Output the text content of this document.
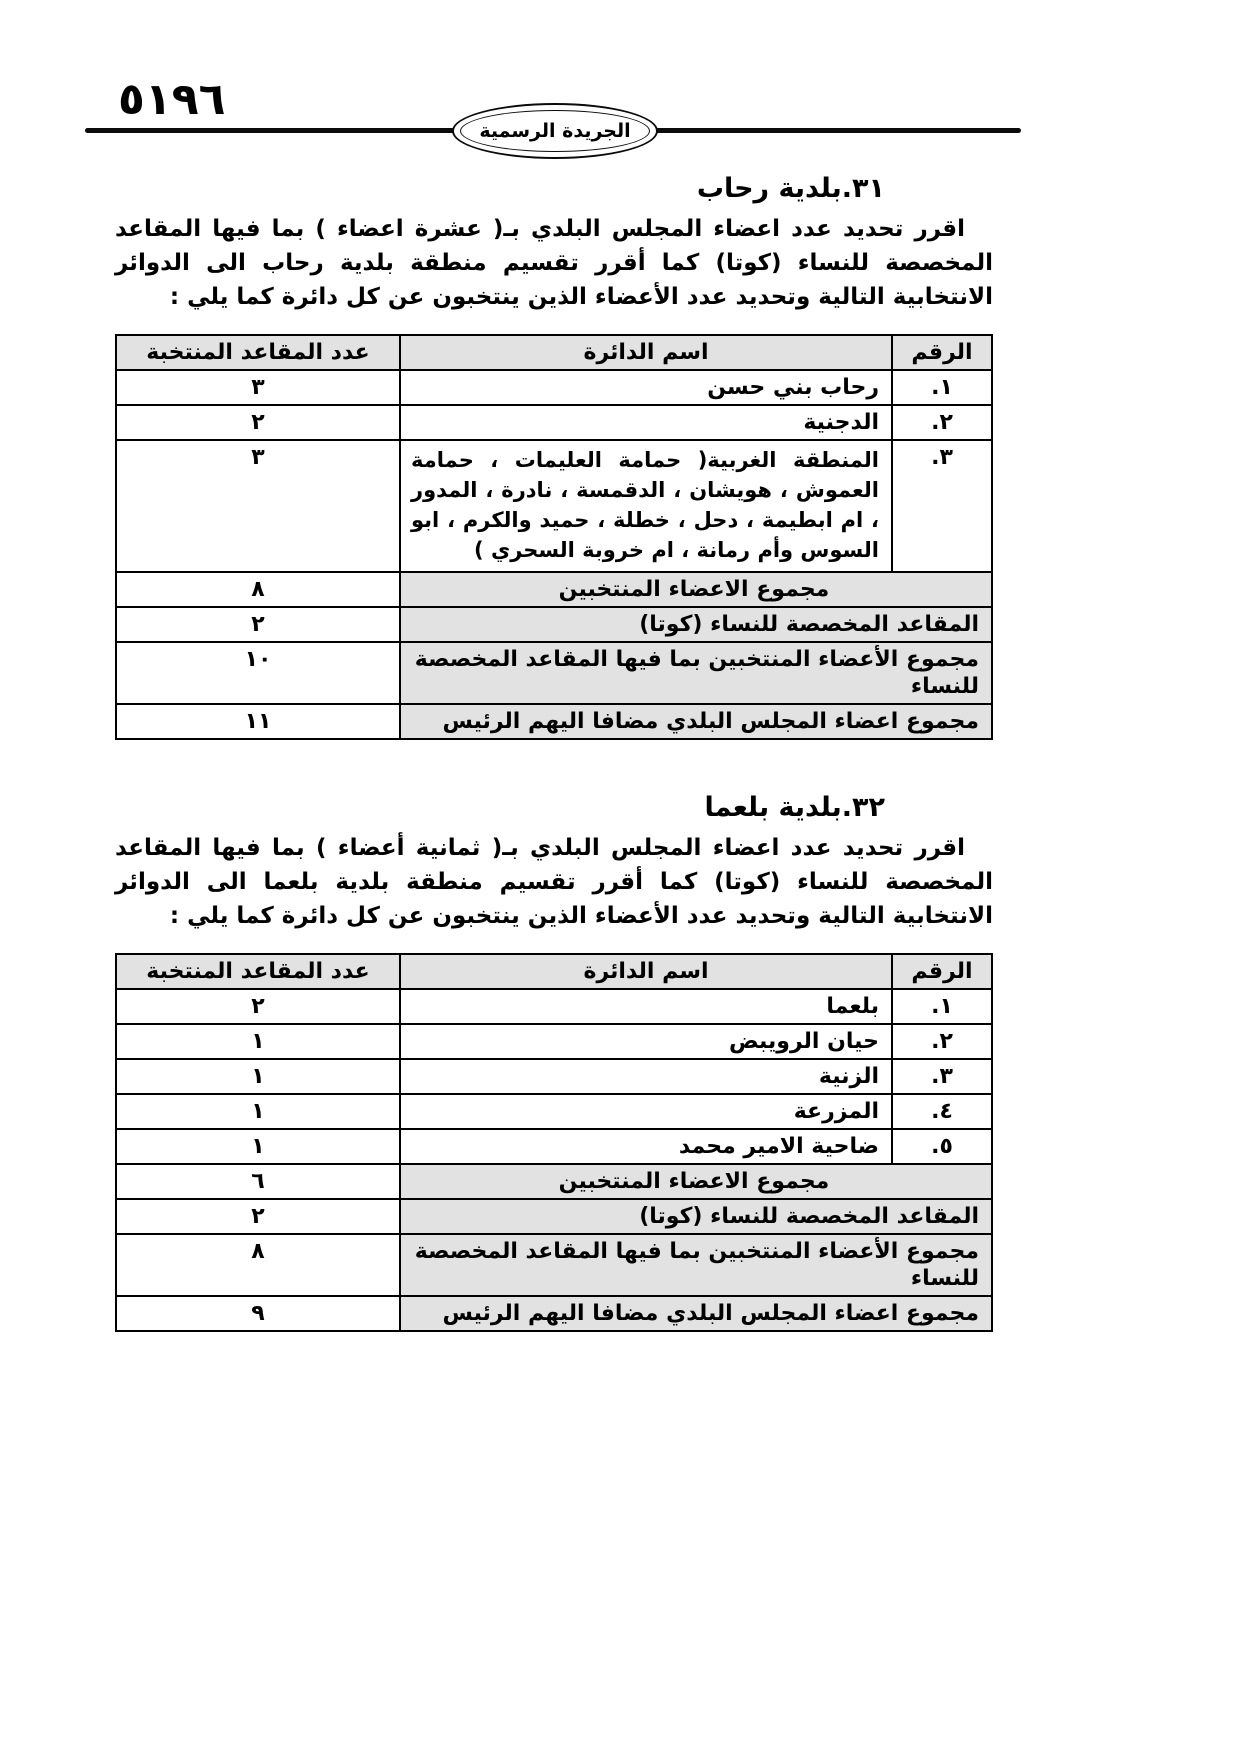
٥١٩٦
الجريدة الرسمية
٣١.بلدية رحاب

اقرر تحديد عدد اعضاء المجلس البلدي بـ( عشرة اعضاء ) بما فيها المقاعد المخصصة للنساء (كوتا) كما أقرر تقسيم منطقة بلدية رحاب الى الدوائر الانتخابية التالية وتحديد عدد الأعضاء الذين ينتخبون عن كل دائرة كما يلي :

الرقم	اسم الدائرة	عدد المقاعد المنتخبة
١.	رحاب بني حسن	٣
٢.	الدجنية	٢
٣.	المنطقة الغربية( حمامة العليمات ، حمامة العموش ، هويشان ، الدقمسة ، نادرة ، المدور ، ام ابطيمة ، دحل ، خطلة ، حميد والكرم ، ابو السوس وأم رمانة ، ام خروبة السحري )	٣
مجموع الاعضاء المنتخبين		٨
المقاعد المخصصة للنساء (كوتا)		٢
مجموع الأعضاء المنتخبين بما فيها المقاعد المخصصة للنساء		١٠
مجموع اعضاء المجلس البلدي مضافا اليهم الرئيس		١١
٣٢.بلدية بلعما

اقرر تحديد عدد اعضاء المجلس البلدي بـ( ثمانية أعضاء ) بما فيها المقاعد المخصصة للنساء (كوتا) كما أقرر تقسيم منطقة بلدية بلعما الى الدوائر الانتخابية التالية وتحديد عدد الأعضاء الذين ينتخبون عن كل دائرة كما يلي :

الرقم	اسم الدائرة	عدد المقاعد المنتخبة
١.	بلعما	٢
٢.	حيان الرويبض	١
٣.	الزنية	١
٤.	المزرعة	١
٥.	ضاحية الامير محمد	١
مجموع الاعضاء المنتخبين		٦
المقاعد المخصصة للنساء (كوتا)		٢
مجموع الأعضاء المنتخبين بما فيها المقاعد المخصصة للنساء		٨
مجموع اعضاء المجلس البلدي مضافا اليهم الرئيس		٩
